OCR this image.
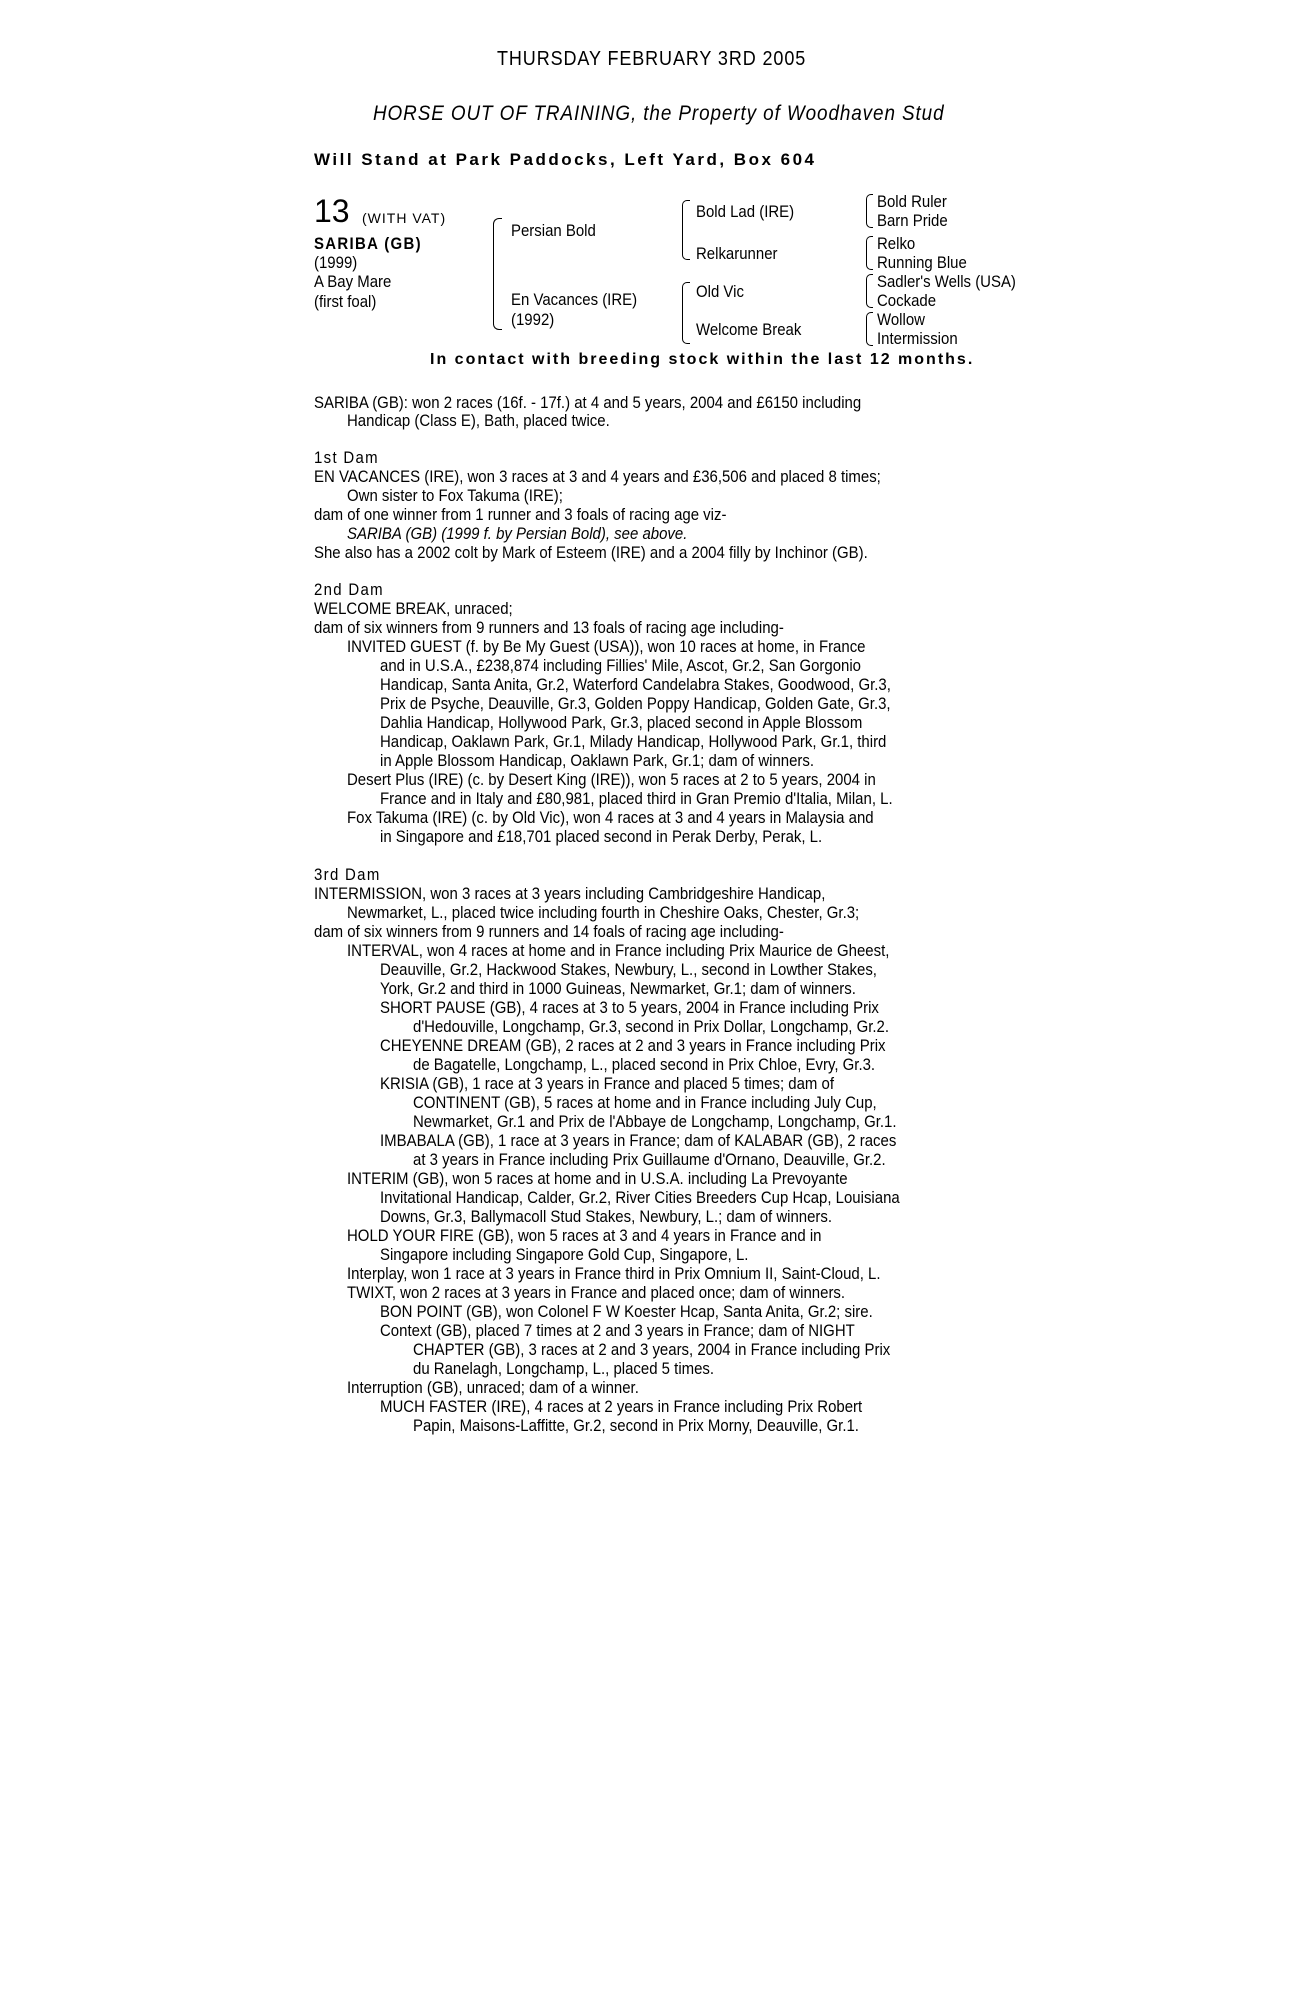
THURSDAY FEBRUARY 3RD 2005
HORSE OUT OF TRAINING, the Property of Woodhaven Stud
Will Stand at Park Paddocks, Left Yard, Box 604
13 (WITH VAT)
SARIBA (GB)
(1999)
A Bay Mare
(first foal)
Persian Bold
En Vacances (IRE)
(1992)
Bold Lad (IRE)
Relkarunner
Old Vic
Welcome Break
Bold Ruler
Barn Pride
Relko
Running Blue
Sadler's Wells (USA)
Cockade
Wollow
Intermission
In contact with breeding stock within the last 12 months.
SARIBA (GB): won 2 races (16f. - 17f.) at 4 and 5 years, 2004 and £6150 including
Handicap (Class E), Bath, placed twice.
1st Dam
EN VACANCES (IRE), won 3 races at 3 and 4 years and £36,506 and placed 8 times;
Own sister to Fox Takuma (IRE);
dam of one winner from 1 runner and 3 foals of racing age viz-
SARIBA (GB) (1999 f. by Persian Bold), see above.
She also has a 2002 colt by Mark of Esteem (IRE) and a 2004 filly by Inchinor (GB).
2nd Dam
WELCOME BREAK, unraced;
dam of six winners from 9 runners and 13 foals of racing age including-
INVITED GUEST (f. by Be My Guest (USA)), won 10 races at home, in France
and in U.S.A., £238,874 including Fillies' Mile, Ascot, Gr.2, San Gorgonio
Handicap, Santa Anita, Gr.2, Waterford Candelabra Stakes, Goodwood, Gr.3,
Prix de Psyche, Deauville, Gr.3, Golden Poppy Handicap, Golden Gate, Gr.3,
Dahlia Handicap, Hollywood Park, Gr.3, placed second in Apple Blossom
Handicap, Oaklawn Park, Gr.1, Milady Handicap, Hollywood Park, Gr.1, third
in Apple Blossom Handicap, Oaklawn Park, Gr.1; dam of winners.
Desert Plus (IRE) (c. by Desert King (IRE)), won 5 races at 2 to 5 years, 2004 in
France and in Italy and £80,981, placed third in Gran Premio d'Italia, Milan, L.
Fox Takuma (IRE) (c. by Old Vic), won 4 races at 3 and 4 years in Malaysia and
in Singapore and £18,701 placed second in Perak Derby, Perak, L.
3rd Dam
INTERMISSION, won 3 races at 3 years including Cambridgeshire Handicap,
Newmarket, L., placed twice including fourth in Cheshire Oaks, Chester, Gr.3;
dam of six winners from 9 runners and 14 foals of racing age including-
INTERVAL, won 4 races at home and in France including Prix Maurice de Gheest,
Deauville, Gr.2, Hackwood Stakes, Newbury, L., second in Lowther Stakes,
York, Gr.2 and third in 1000 Guineas, Newmarket, Gr.1; dam of winners.
SHORT PAUSE (GB), 4 races at 3 to 5 years, 2004 in France including Prix
d'Hedouville, Longchamp, Gr.3, second in Prix Dollar, Longchamp, Gr.2.
CHEYENNE DREAM (GB), 2 races at 2 and 3 years in France including Prix
de Bagatelle, Longchamp, L., placed second in Prix Chloe, Evry, Gr.3.
KRISIA (GB), 1 race at 3 years in France and placed 5 times; dam of
CONTINENT (GB), 5 races at home and in France including July Cup,
Newmarket, Gr.1 and Prix de l'Abbaye de Longchamp, Longchamp, Gr.1.
IMBABALA (GB), 1 race at 3 years in France; dam of KALABAR (GB), 2 races
at 3 years in France including Prix Guillaume d'Ornano, Deauville, Gr.2.
INTERIM (GB), won 5 races at home and in U.S.A. including La Prevoyante
Invitational Handicap, Calder, Gr.2, River Cities Breeders Cup Hcap, Louisiana
Downs, Gr.3, Ballymacoll Stud Stakes, Newbury, L.; dam of winners.
HOLD YOUR FIRE (GB), won 5 races at 3 and 4 years in France and in
Singapore including Singapore Gold Cup, Singapore, L.
Interplay, won 1 race at 3 years in France third in Prix Omnium II, Saint-Cloud, L.
TWIXT, won 2 races at 3 years in France and placed once; dam of winners.
BON POINT (GB), won Colonel F W Koester Hcap, Santa Anita, Gr.2; sire.
Context (GB), placed 7 times at 2 and 3 years in France; dam of NIGHT
CHAPTER (GB), 3 races at 2 and 3 years, 2004 in France including Prix
du Ranelagh, Longchamp, L., placed 5 times.
Interruption (GB), unraced; dam of a winner.
MUCH FASTER (IRE), 4 races at 2 years in France including Prix Robert
Papin, Maisons-Laffitte, Gr.2, second in Prix Morny, Deauville, Gr.1.
